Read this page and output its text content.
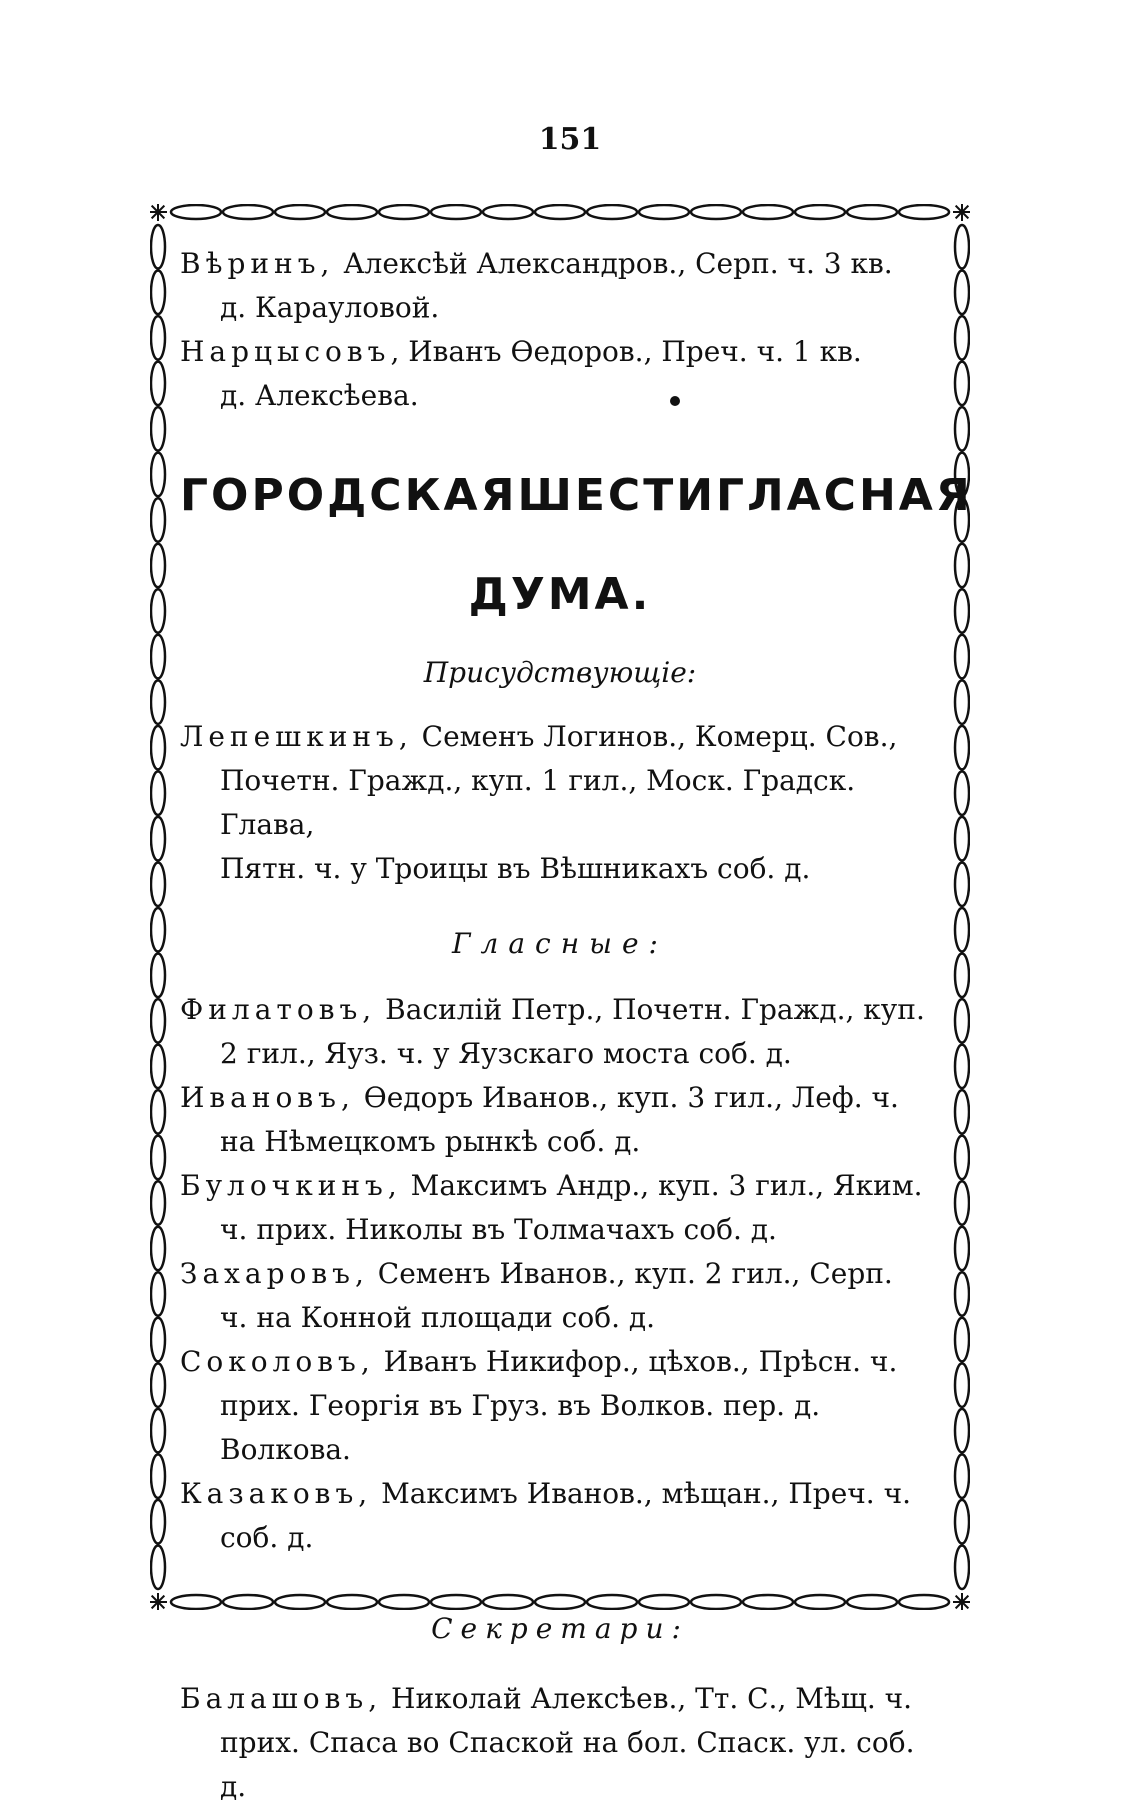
151
Вѣринъ, Алексѣй Александров., Серп. ч. 3 кв.
д. Карауловой.
Нарцысовъ, Иванъ Ѳедоров., Преч. ч. 1 кв.
д. Алексѣева.
ГОРОДСКАЯ ШЕСТИГЛАСНАЯ
ДУМА.
Присудствующіе:
Лепешкинъ, Семенъ Логинов., Комерц. Сов.,
Почетн. Гражд., куп. 1 гил., Моск. Градск. Глава,
Пятн. ч. у Троицы въ Вѣшникахъ соб. д.
Гласные:
Филатовъ, Василій Петр., Почетн. Гражд., куп.
2 гил., Яуз. ч. у Яузскаго моста соб. д.
Ивановъ, Ѳедоръ Иванов., куп. 3 гил., Леф. ч.
на Нѣмецкомъ рынкѣ соб. д.
Булочкинъ, Максимъ Андр., куп. 3 гил., Яким.
ч. прих. Николы въ Толмачахъ соб. д.
Захаровъ, Семенъ Иванов., куп. 2 гил., Серп.
ч. на Конной площади соб. д.
Соколовъ, Иванъ Никифор., цѣхов., Прѣсн. ч.
прих. Георгія въ Груз. въ Волков. пер. д. Волкова.
Казаковъ, Максимъ Иванов., мѣщан., Преч. ч.
соб. д.
Секретари:
Балашовъ, Николай Алексѣев., Тт. С., Мѣщ. ч.
прих. Спаса во Спаской на бол. Спаск. ул. соб. д.
